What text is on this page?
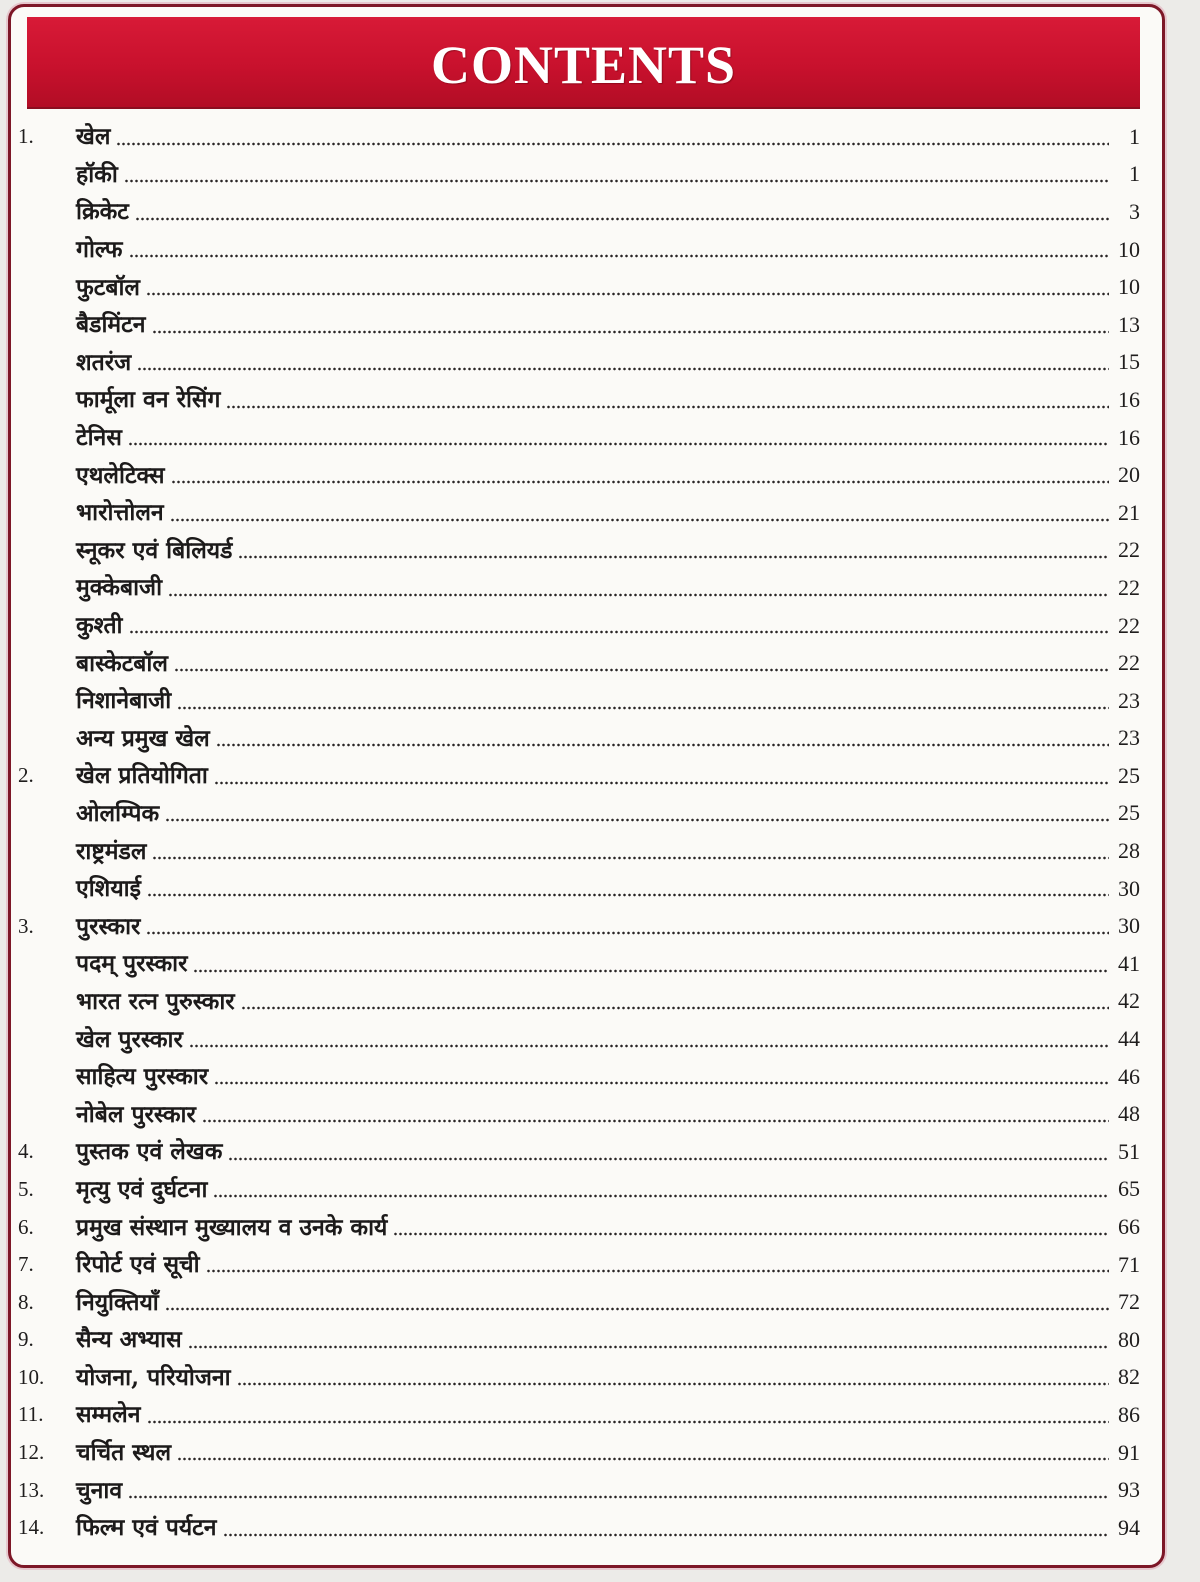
CONTENTS
1.	खेल	1
हॉकी	1
क्रिकेट	3
गोल्फ	10
फुटबॉल	10
बैडमिंटन	13
शतरंज	15
फार्मूला वन रेसिंग	16
टेनिस	16
एथलेटिक्स	20
भारोत्तोलन	21
स्नूकर एवं बिलियर्ड	22
मुक्केबाजी	22
कुश्ती	22
बास्केटबॉल	22
निशानेबाजी	23
अन्य प्रमुख खेल	23
2.	खेल प्रतियोगिता	25
ओलम्पिक	25
राष्ट्रमंडल	28
एशियाई	30
3.	पुरस्कार	30
पदम् पुरस्कार	41
भारत रत्न पुरुस्कार	42
खेल पुरस्कार	44
साहित्य पुरस्कार	46
नोबेल पुरस्कार	48
4.	पुस्तक एवं लेखक	51
5.	मृत्यु एवं दुर्घटना	65
6.	प्रमुख संस्थान मुख्यालय व उनके कार्य	66
7.	रिपोर्ट एवं सूची	71
8.	नियुक्तियाँ	72
9.	सैन्य अभ्यास	80
10.	योजना, परियोजना	82
11.	सम्मलेन	86
12.	चर्चित स्थल	91
13.	चुनाव	93
14.	फिल्म एवं पर्यटन	94
